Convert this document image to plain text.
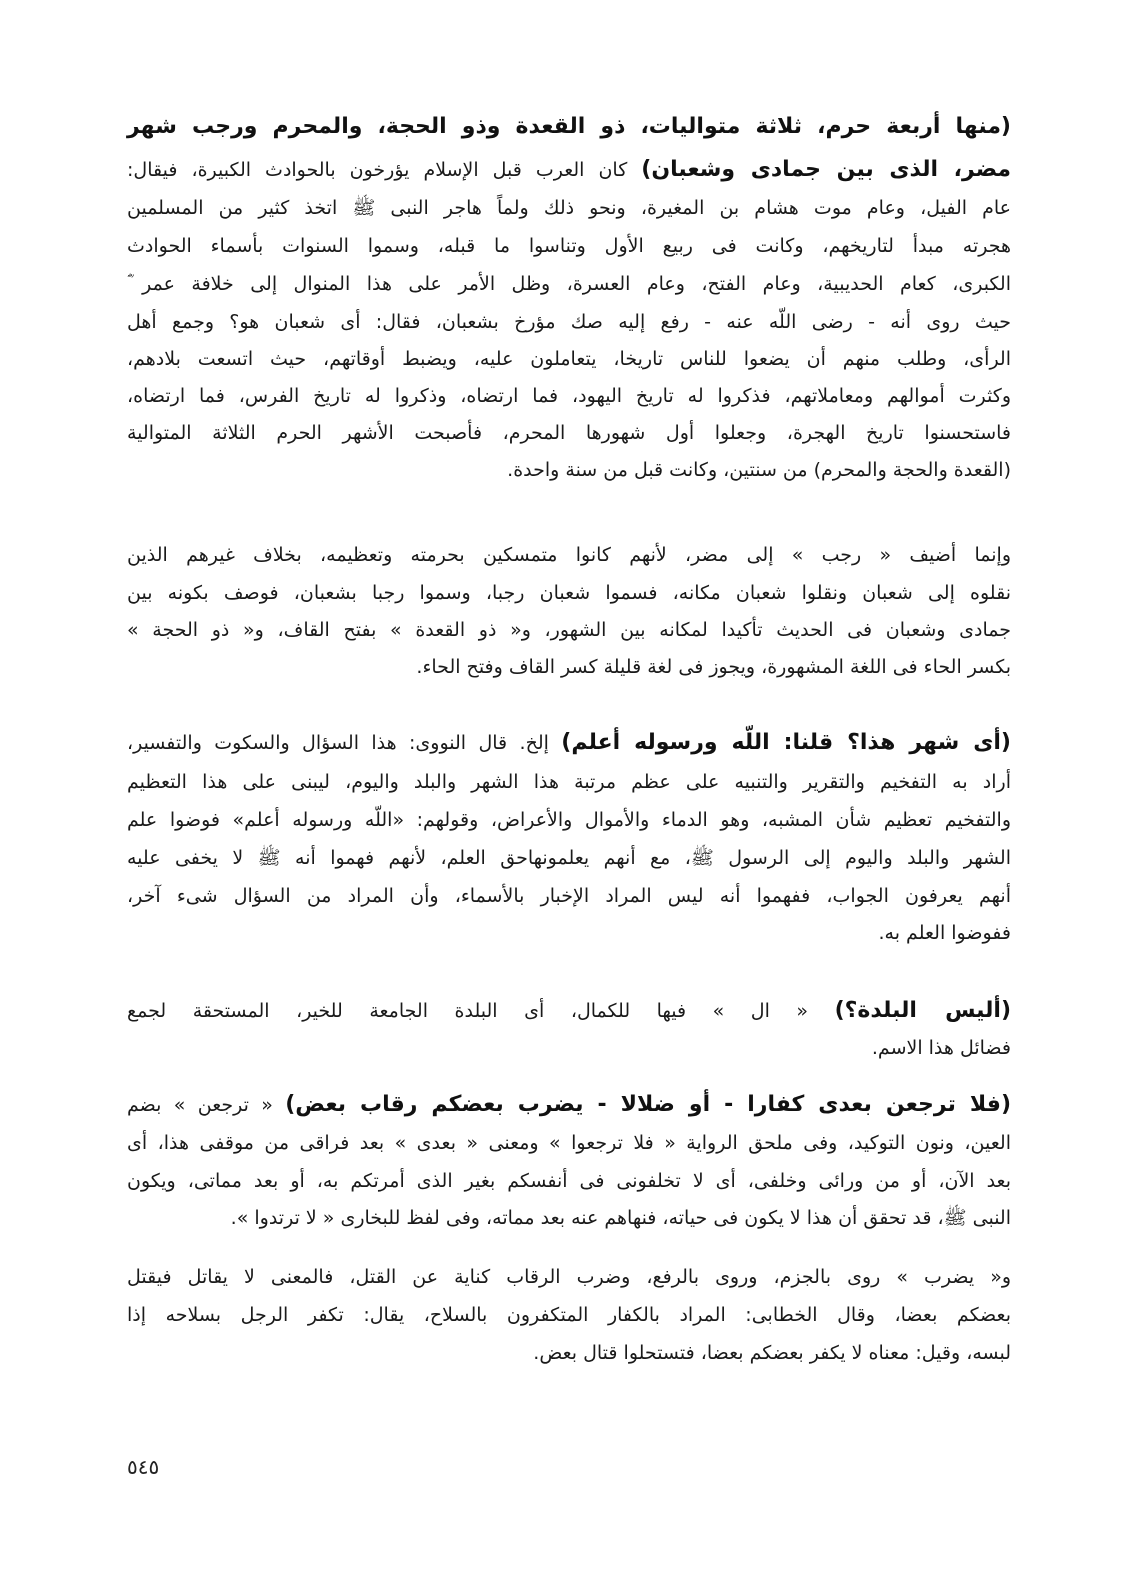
(منها أربعة حرم، ثلاثة متواليات، ذو القعدة وذو الحجة، والمحرم ورجب شهر
مضر، الذى بين جمادى وشعبان) كان العرب قبل الإسلام يؤرخون بالحوادث الكبيرة، فيقال:
عام الفيل، وعام موت هشام بن المغيرة، ونحو ذلك ولماً هاجر النبى ﷺ اتخذ كثير من المسلمين
هجرته مبدأ لتاريخهم، وكانت فى ربيع الأول وتناسوا ما قبله، وسموا السنوات بأسماء الحوادث
الكبرى، كعام الحديبية، وعام الفتح، وعام العسرة، وظل الأمر على هذا المنوال إلى خلافة عمر ؓ
حيث روى أنه - رضى اللّه عنه - رفع إليه صك مؤرخ بشعبان، فقال: أى شعبان هو؟ وجمع أهل
الرأى، وطلب منهم أن يضعوا للناس تاريخا، يتعاملون عليه، ويضبط أوقاتهم، حيث اتسعت بلادهم،
وكثرت أموالهم ومعاملاتهم، فذكروا له تاريخ اليهود، فما ارتضاه، وذكروا له تاريخ الفرس، فما ارتضاه،
فاستحسنوا تاريخ الهجرة، وجعلوا أول شهورها المحرم، فأصبحت الأشهر الحرم الثلاثة المتوالية
(القعدة والحجة والمحرم) من سنتين، وكانت قبل من سنة واحدة.
وإنما أضيف « رجب » إلى مضر، لأنهم كانوا متمسكين بحرمته وتعظيمه، بخلاف غيرهم الذين
نقلوه إلى شعبان ونقلوا شعبان مكانه، فسموا شعبان رجبا، وسموا رجبا بشعبان، فوصف بكونه بين
جمادى وشعبان فى الحديث تأكيدا لمكانه بين الشهور، و« ذو القعدة » بفتح القاف، و« ذو الحجة »
بكسر الحاء فى اللغة المشهورة، ويجوز فى لغة قليلة كسر القاف وفتح الحاء.
(أى شهر هذا؟ قلنا: اللّه ورسوله أعلم) إلخ. قال النووى: هذا السؤال والسكوت والتفسير،
أراد به التفخيم والتقرير والتنبيه على عظم مرتبة هذا الشهر والبلد واليوم، ليبنى على هذا التعظيم
والتفخيم تعظيم شأن المشبه، وهو الدماء والأموال والأعراض، وقولهم: «اللّه ورسوله أعلم» فوضوا علم
الشهر والبلد واليوم إلى الرسول ﷺ، مع أنهم يعلمونهاحق العلم، لأنهم فهموا أنه ﷺ لا يخفى عليه
أنهم يعرفون الجواب، ففهموا أنه ليس المراد الإخبار بالأسماء، وأن المراد من السؤال شىء آخر،
ففوضوا العلم به.
(أليس البلدة؟) « ال » فيها للكمال، أى البلدة الجامعة للخير، المستحقة لجمع
فضائل هذا الاسم.
(فلا ترجعن بعدى كفارا - أو ضلالا - يضرب بعضكم رقاب بعض) « ترجعن » بضم
العين، ونون التوكيد، وفى ملحق الرواية « فلا ترجعوا » ومعنى « بعدى » بعد فراقى من موقفى هذا، أى
بعد الآن، أو من ورائى وخلفى، أى لا تخلفونى فى أنفسكم بغير الذى أمرتكم به، أو بعد مماتى، ويكون
النبى ﷺ، قد تحقق أن هذا لا يكون فى حياته، فنهاهم عنه بعد مماته، وفى لفظ للبخارى « لا ترتدوا ».
و« يضرب » روى بالجزم، وروى بالرفع، وضرب الرقاب كناية عن القتل، فالمعنى لا يقاتل فيقتل
بعضكم بعضا، وقال الخطابى: المراد بالكفار المتكفرون بالسلاح، يقال: تكفر الرجل بسلاحه إذا
لبسه، وقيل: معناه لا يكفر بعضكم بعضا، فتستحلوا قتال بعض.
٥٤٥
